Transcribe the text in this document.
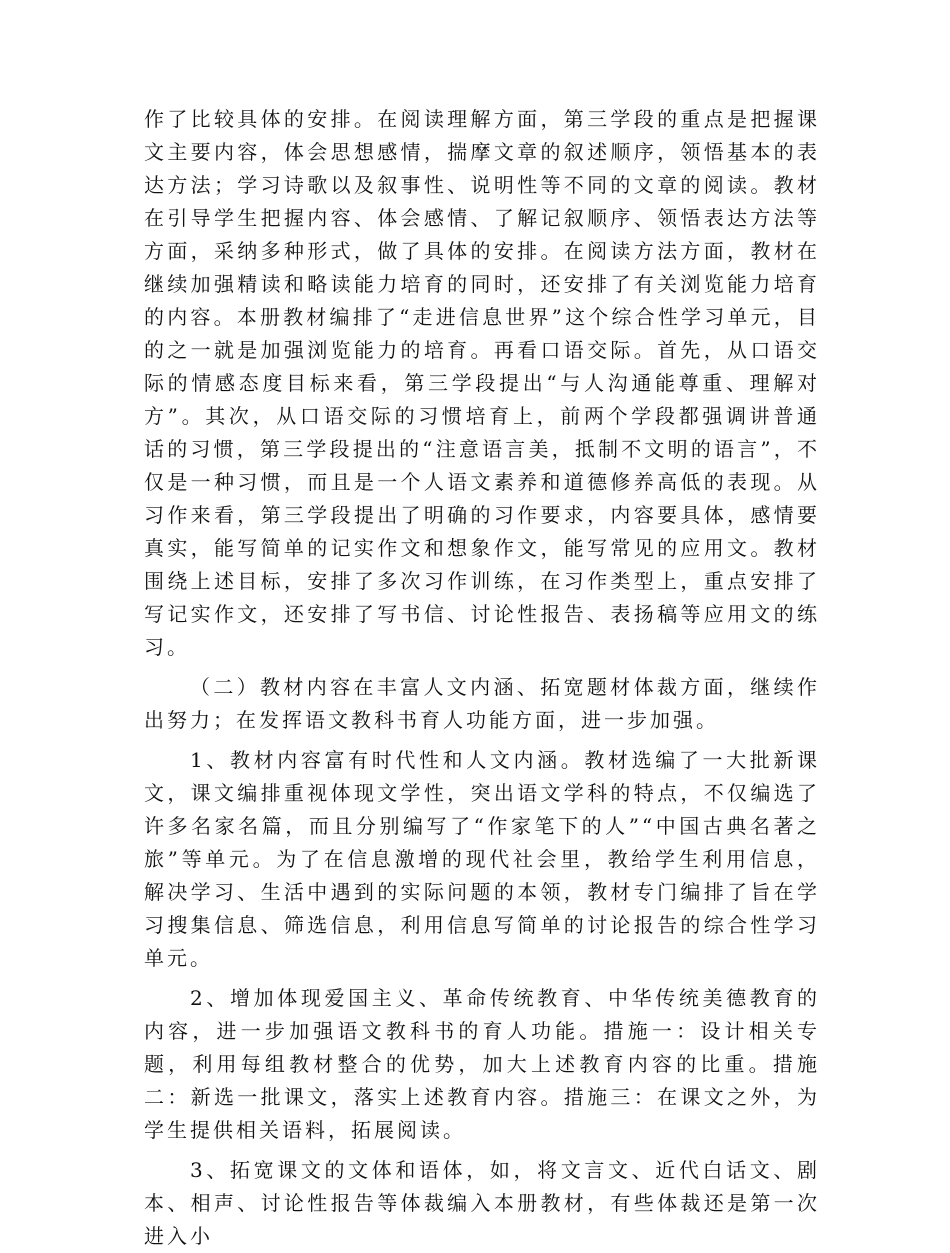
作了比较具体的安排。在阅读理解方面，第三学段的重点是把握课文主要内容，体会思想感情，揣摩文章的叙述顺序，领悟基本的表达方法；学习诗歌以及叙事性、说明性等不同的文章的阅读。教材在引导学生把握内容、体会感情、了解记叙顺序、领悟表达方法等方面，采纳多种形式，做了具体的安排。在阅读方法方面，教材在继续加强精读和略读能力培育的同时，还安排了有关浏览能力培育的内容。本册教材编排了“走进信息世界”这个综合性学习单元，目的之一就是加强浏览能力的培育。再看口语交际。首先，从口语交际的情感态度目标来看，第三学段提出“与人沟通能尊重、理解对方”。其次，从口语交际的习惯培育上，前两个学段都强调讲普通话的习惯，第三学段提出的“注意语言美，抵制不文明的语言”，不仅是一种习惯，而且是一个人语文素养和道德修养高低的表现。从习作来看，第三学段提出了明确的习作要求，内容要具体，感情要真实，能写简单的记实作文和想象作文，能写常见的应用文。教材围绕上述目标，安排了多次习作训练，在习作类型上，重点安排了写记实作文，还安排了写书信、讨论性报告、表扬稿等应用文的练习。

（二）教材内容在丰富人文内涵、拓宽题材体裁方面，继续作出努力；在发挥语文教科书育人功能方面，进一步加强。

1、教材内容富有时代性和人文内涵。教材选编了一大批新课文，课文编排重视体现文学性，突出语文学科的特点，不仅编选了许多名家名篇，而且分别编写了“作家笔下的人”“中国古典名著之旅”等单元。为了在信息激增的现代社会里，教给学生利用信息，解决学习、生活中遇到的实际问题的本领，教材专门编排了旨在学习搜集信息、筛选信息，利用信息写简单的讨论报告的综合性学习单元。

2、增加体现爱国主义、革命传统教育、中华传统美德教育的内容，进一步加强语文教科书的育人功能。措施一：设计相关专题，利用每组教材整合的优势，加大上述教育内容的比重。措施二：新选一批课文，落实上述教育内容。措施三：在课文之外，为学生提供相关语料，拓展阅读。

3、拓宽课文的文体和语体，如，将文言文、近代白话文、剧本、相声、讨论性报告等体裁编入本册教材，有些体裁还是第一次进入小
